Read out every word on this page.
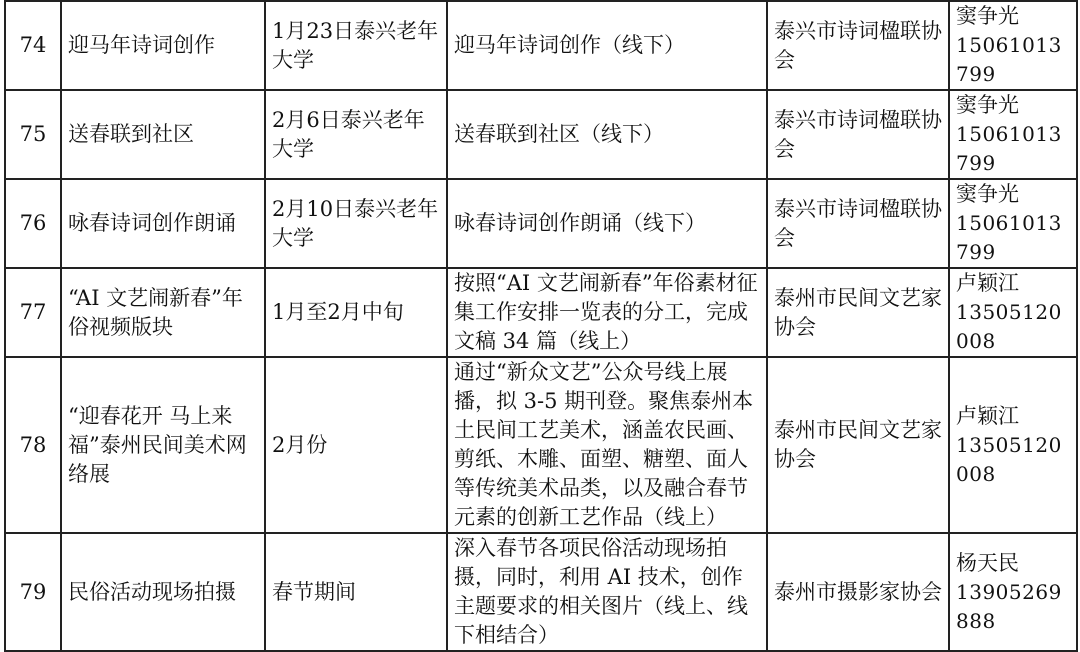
74	迎马年诗词创作	1月23日泰兴老年大学	迎马年诗词创作（线下）	泰兴市诗词楹联协会	窦争光
15061013799

75	送春联到社区	2月6日泰兴老年大学	送春联到社区（线下）	泰兴市诗词楹联协会	窦争光
15061013799

76	咏春诗词创作朗诵	2月10日泰兴老年大学	咏春诗词创作朗诵（线下）	泰兴市诗词楹联协会	窦争光
15061013799

77	“AI 文艺闹新春”年俗视频版块	1月至2月中旬	按照“AI 文艺闹新春”年俗素材征集工作安排一览表的分工，完成文稿 34 篇（线上）	泰州市民间文艺家协会	卢颖江
13505120008

78	“迎春花开 马上来福”泰州民间美术网络展	2月份	通过“新众文艺”公众号线上展播，拟 3-5 期刊登。聚焦泰州本土民间工艺美术，涵盖农民画、剪纸、木雕、面塑、糖塑、面人等传统美术品类，以及融合春节元素的创新工艺作品（线上）	泰州市民间文艺家协会	卢颖江
13505120008

79	民俗活动现场拍摄	春节期间	深入春节各项民俗活动现场拍摄，同时，利用 AI 技术，创作主题要求的相关图片（线上、线下相结合）	泰州市摄影家协会	杨天民
13905269888
